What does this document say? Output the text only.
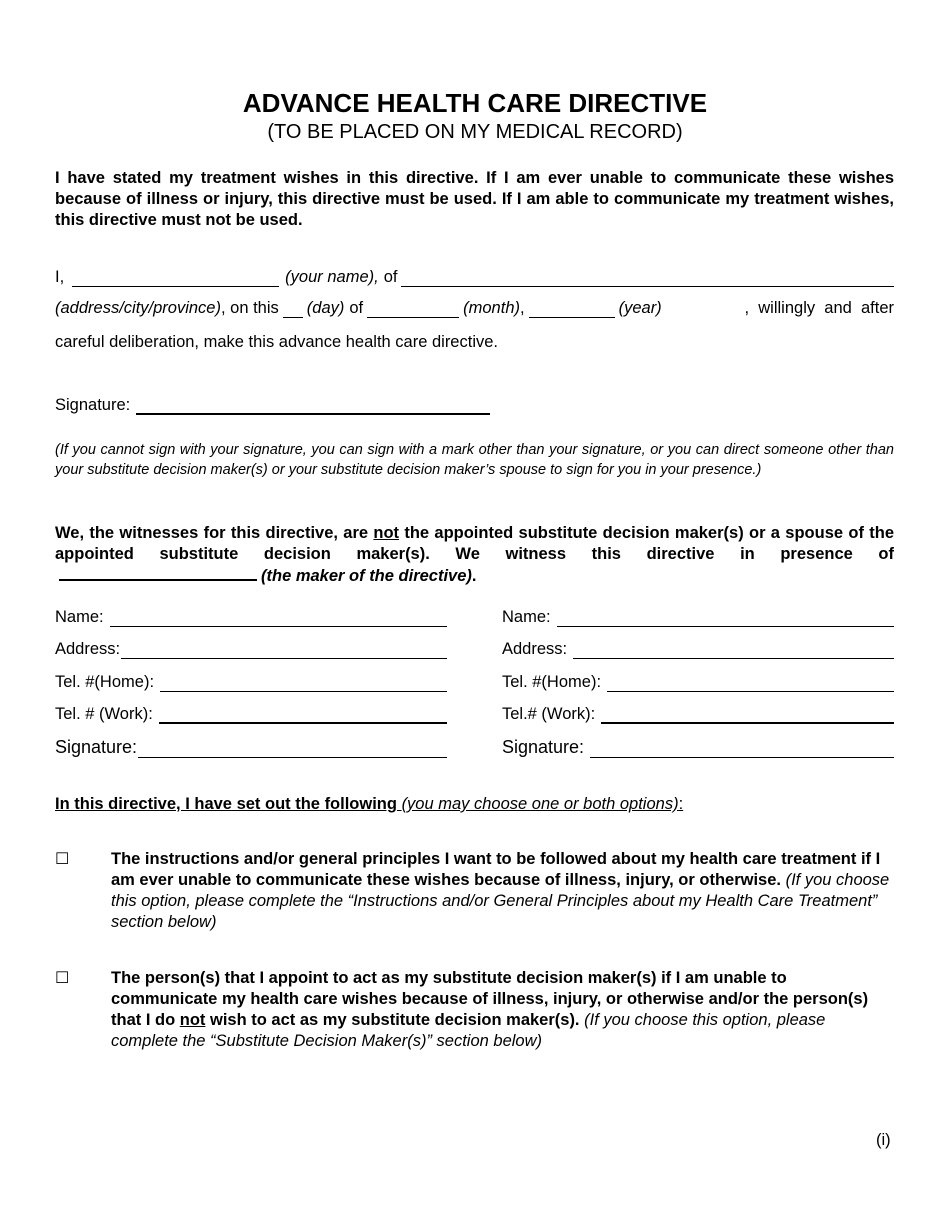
ADVANCE HEALTH CARE DIRECTIVE
(TO BE PLACED ON MY MEDICAL RECORD)
I have stated my treatment wishes in this directive. If I am ever unable to communicate these wishes because of illness or injury, this directive must be used. If I am able to communicate my treatment wishes, this directive must not be used.
I,	(your name), of
(address/city/province) , on this (day) of	(month) ,	(year)	,  willingly  and  after
careful deliberation, make this advance health care directive.
Signature:
(If you cannot sign with your signature, you can sign with a mark other than your signature, or you can direct someone other than your substitute decision maker(s) or your substitute decision maker’s spouse to sign for you in your presence.)
We, the witnesses for this directive, are not the appointed substitute decision maker(s) or a spouse of the appointed substitute decision maker(s). We witness this directive in presence of (the maker of the directive).
Name:
Address:
Tel. #(Home):
Tel. # (Work):
Signature:
Name:
Address:
Tel. #(Home):
Tel.# (Work):
Signature:
In this directive, I have set out the following (you may choose one or both options):
☐	The instructions and/or general principles I want to be followed about my health care treatment if I am ever unable to communicate these wishes because of illness, injury, or otherwise. (If you choose this option, please complete the “Instructions and/or General Principles about my Health Care Treatment” section below)
☐	The person(s) that I appoint to act as my substitute decision maker(s) if I am unable to communicate my health care wishes because of illness, injury, or otherwise and/or the person(s) that I do not wish to act as my substitute decision maker(s). (If you choose this option, please complete the “Substitute Decision Maker(s)” section below)
(i)
